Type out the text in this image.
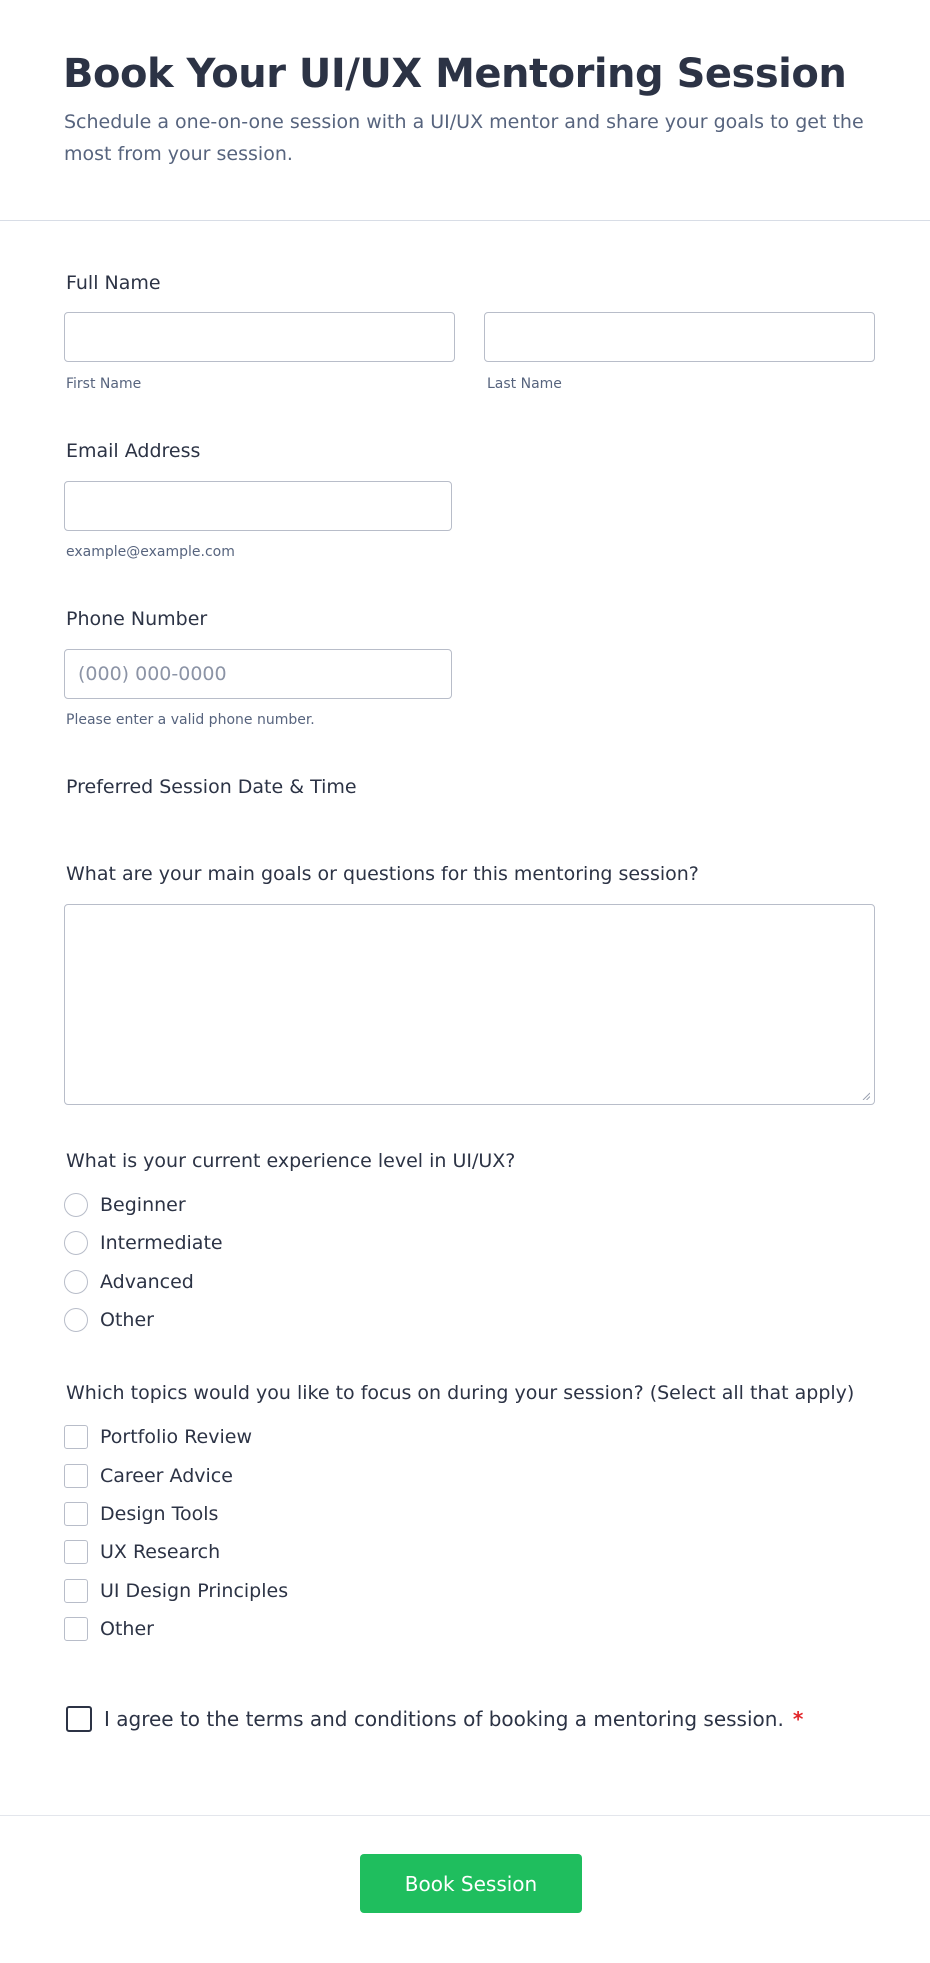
Book Your UI/UX Mentoring Session

Schedule a one-on-one session with a UI/UX mentor and share your goals to get the most from your session.

Full Name
First Name	Last Name
Email Address
example@example.com
Phone Number
(000) 000-0000
Please enter a valid phone number.
Preferred Session Date & Time
What are your main goals or questions for this mentoring session?
What is your current experience level in UI/UX?
Beginner
Intermediate
Advanced
Other
Which topics would you like to focus on during your session? (Select all that apply)
Portfolio Review
Career Advice
Design Tools
UX Research
UI Design Principles
Other
I agree to the terms and conditions of booking a mentoring session. *
Book Session
